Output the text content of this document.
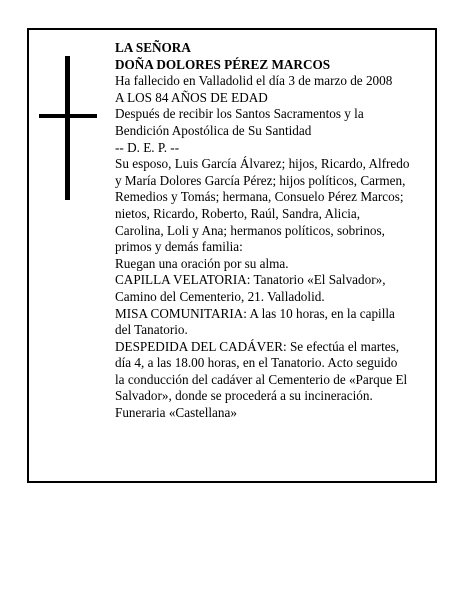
LA SEÑORA
DOÑA DOLORES PÉREZ MARCOS
Ha fallecido en Valladolid el día 3 de marzo de 2008
A LOS 84 AÑOS DE EDAD
Después de recibir los Santos Sacramentos y la
Bendición Apostólica de Su Santidad
-- D. E. P. --
Su esposo, Luis García Álvarez; hijos, Ricardo, Alfredo
y María Dolores García Pérez; hijos políticos, Carmen,
Remedios y Tomás; hermana, Consuelo Pérez Marcos;
nietos, Ricardo, Roberto, Raúl, Sandra, Alicia,
Carolina, Loli y Ana; hermanos políticos, sobrinos,
primos y demás familia:
Ruegan una oración por su alma.
CAPILLA VELATORIA: Tanatorio «El Salvador»,
Camino del Cementerio, 21. Valladolid.
MISA COMUNITARIA: A las 10 horas, en la capilla
del Tanatorio.
DESPEDIDA DEL CADÁVER: Se efectúa el martes,
día 4, a las 18.00 horas, en el Tanatorio. Acto seguido
la conducción del cadáver al Cementerio de «Parque El
Salvador», donde se procederá a su incineración.
Funeraria «Castellana»
